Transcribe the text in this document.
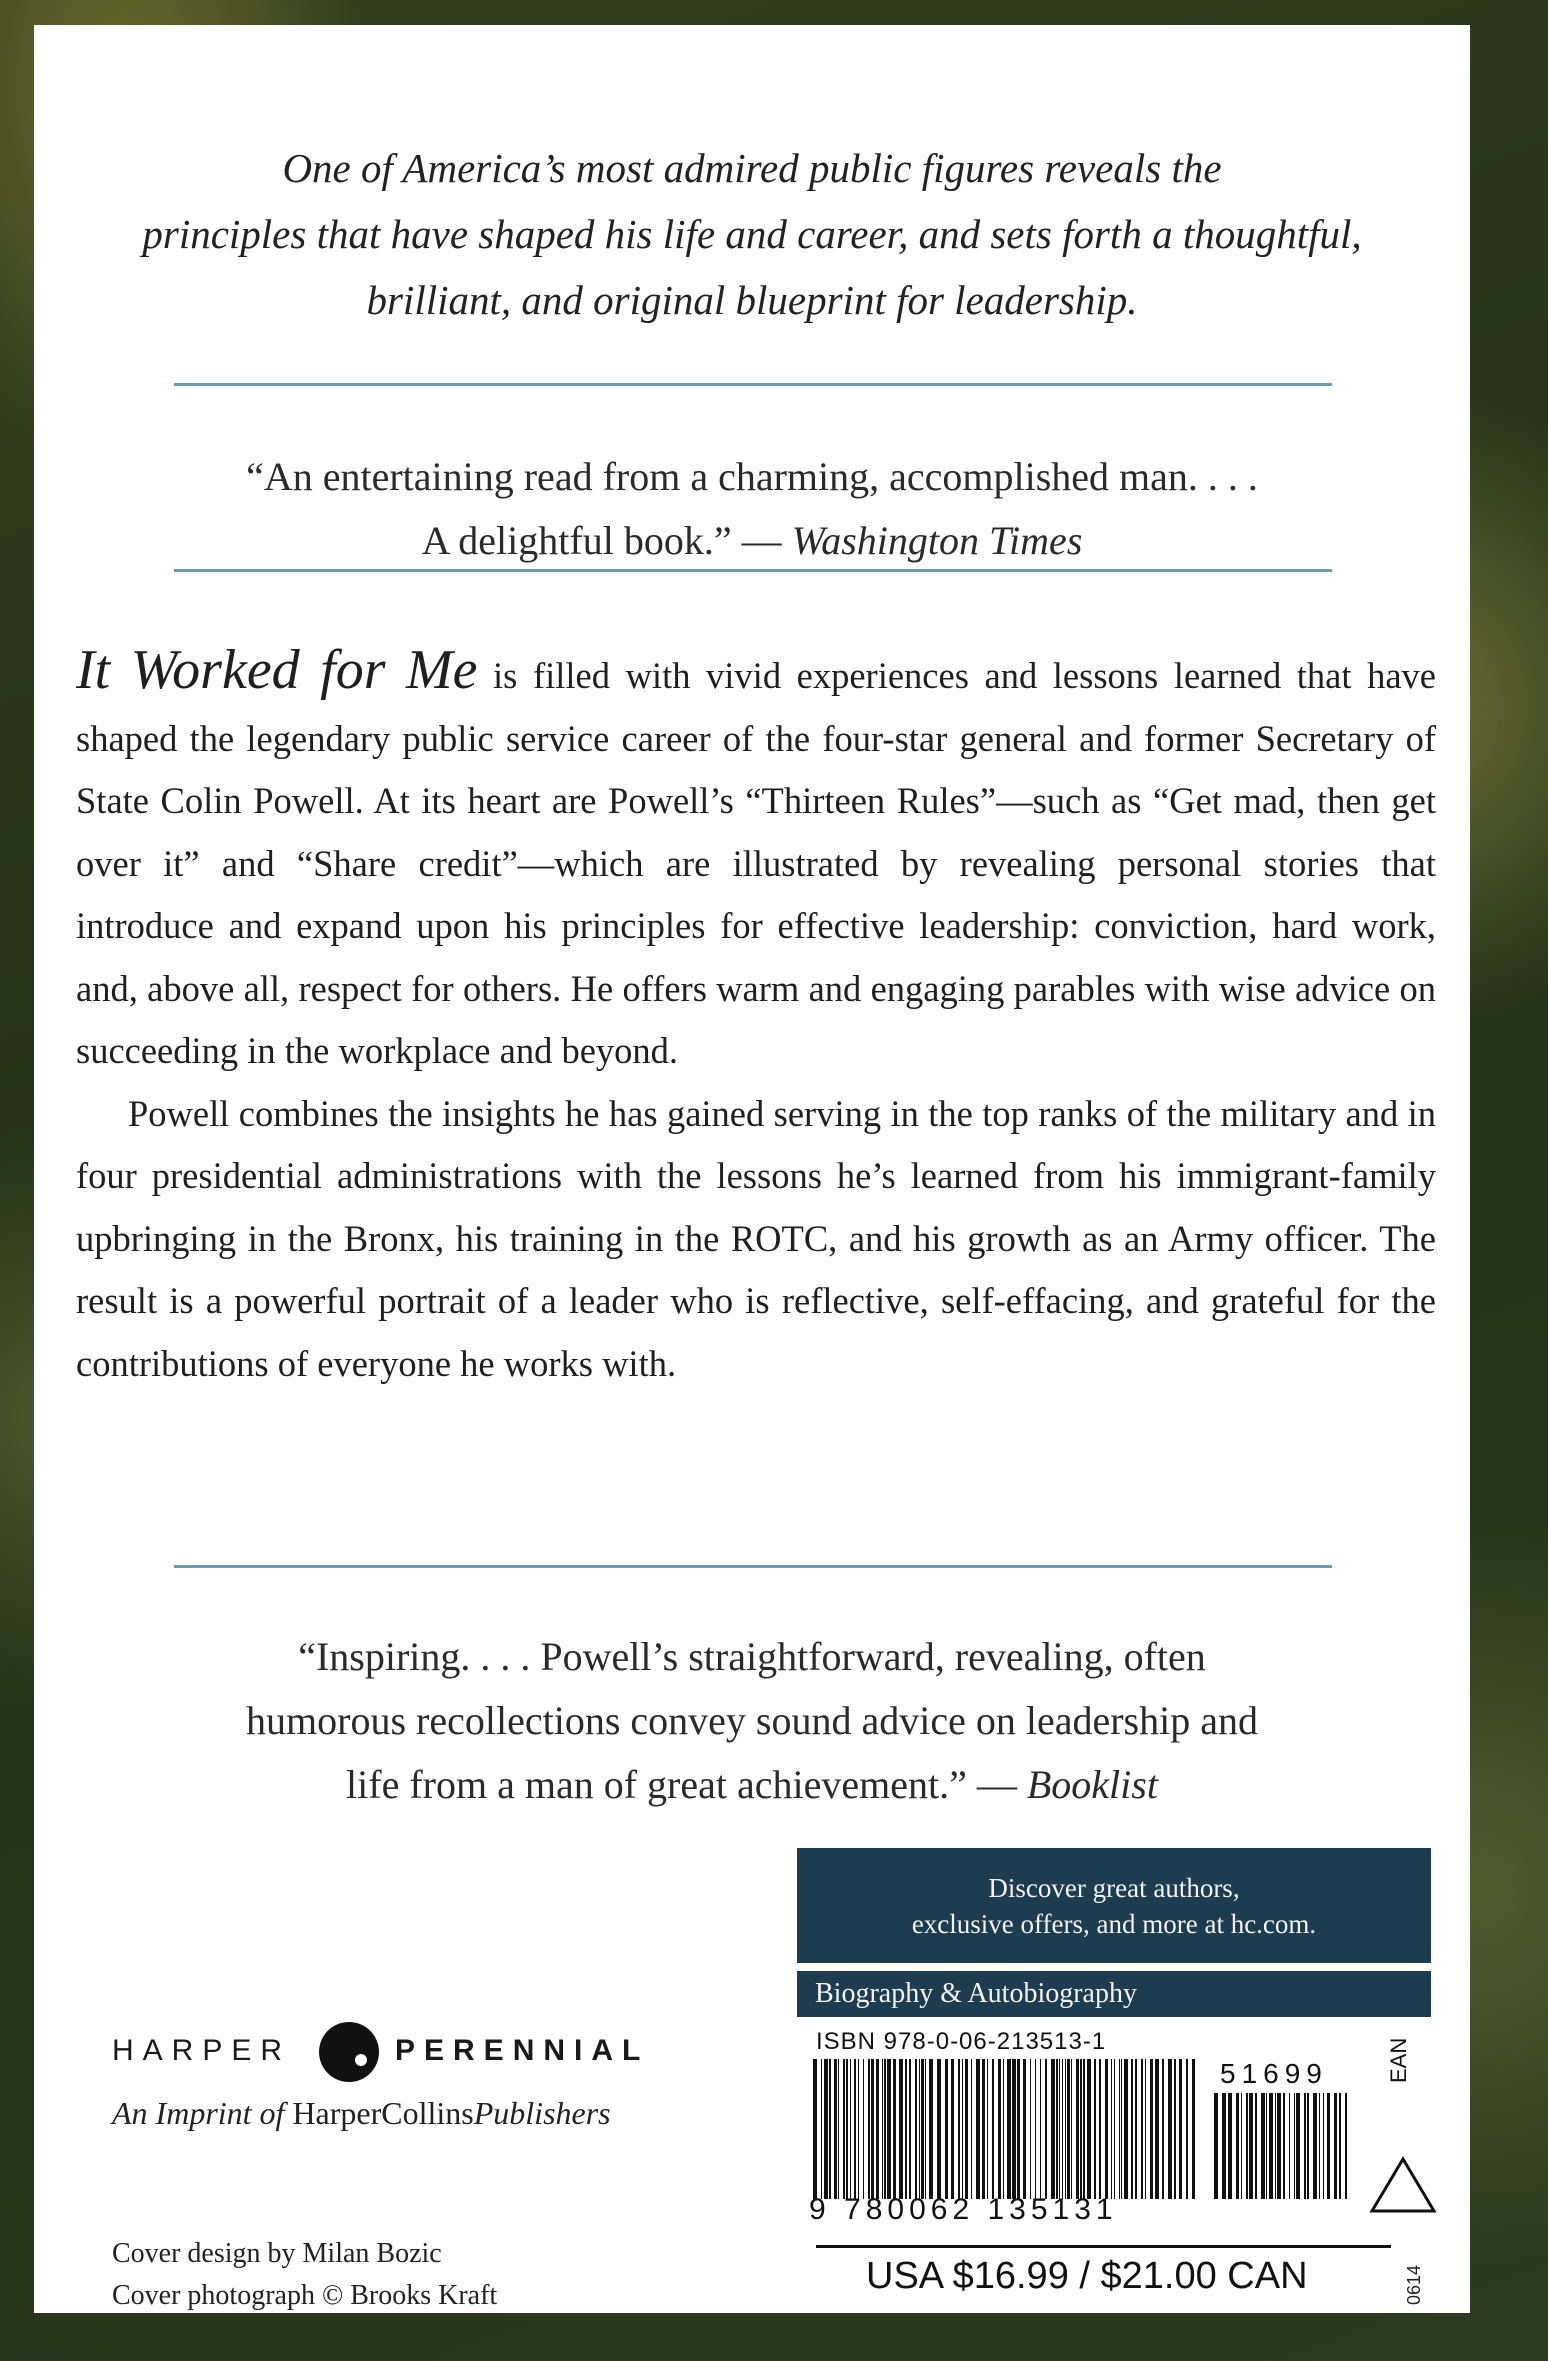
One of America’s most admired public figures reveals the
principles that have shaped his life and career, and sets forth a thoughtful,
brilliant, and original blueprint for leadership.
“An entertaining read from a charming, accomplished man. . . .
A delightful book.” — Washington Times

It Worked for Me is filled with vivid experiences and lessons learned that have shaped the legendary public service career of the four-star general and former Secretary of State Colin Powell. At its heart are Powell’s “Thirteen Rules”—such as “Get mad, then get over it” and “Share credit”—which are illustrated by revealing personal stories that introduce and expand upon his principles for effective leadership: conviction, hard work, and, above all, respect for others. He offers warm and engaging parables with wise advice on succeeding in the workplace and beyond.

Powell combines the insights he has gained serving in the top ranks of the military and in four presidential administrations with the lessons he’s learned from his immigrant-family upbringing in the Bronx, his training in the ROTC, and his growth as an Army officer. The result is a powerful portrait of a leader who is reflective, self-effacing, and grateful for the contributions of everyone he works with.

“Inspiring. . . . Powell’s straightforward, revealing, often
humorous recollections convey sound advice on leadership and
life from a man of great achievement.” — Booklist
HARPER	PERENNIAL
An Imprint of HarperCollinsPublishers
Cover design by Milan Bozic
Cover photograph © Brooks Kraft
Discover great authors,
exclusive offers, and more at hc.com.
Biography & Autobiography
ISBN 978-0-06-213513-1
51699
9 780062 135131
EAN
USA $16.99 / $21.00 CAN	0614
